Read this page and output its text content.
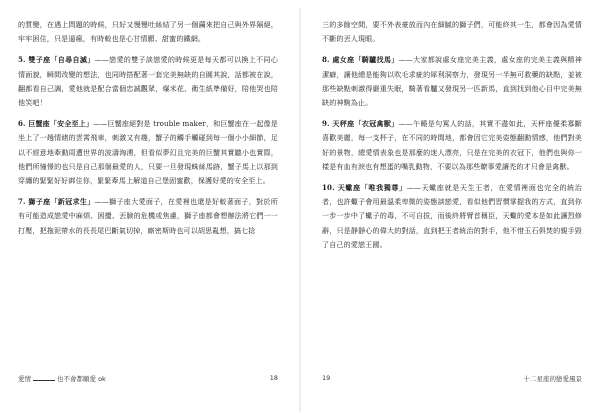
的質變，在遇上問題的時候，只好又慢慢吐絲結了另一個繭來把自己與外界隔絕，牢牢困住，只是逼瘋，有時較也是心甘情願、甜蜜的鐵網。

5. 雙子座「自尋自滅」——戀愛的雙子談戀愛的時候更是每天都可以換上不同心情面貌，瞬間改變的想法，也同時搭配著一套完美無缺的自圓其說，話都被在說，翻都看自己調，愛他就是配合當個忠誠觀眾，爆米花、衛生紙準備好，陪他哭也陪他笑吧！

6. 巨蟹座「安全至上」——巨蟹座絕對是 trouble maker，和巨蟹座在一起像是坐上了一趟情緒的雲霄飛車，刺激又有趣，蟹子的觸手觸碰到每一個小小細節，足以不經意地牽動周遭世界的波濤洶湧，但看似夢幻且完美的巨蟹其實聽小也實際，他們所憧憬的也只是自己那個最愛的人，只要一旦發現蛛絲馬跡，蟹子馬上以那到穿纏的緊緊好好綁住你，緊緊牽馬上解道自己堡固蜜歡，保護好愛的安全至上。

7. 獅子座「新冠求生」——獅子座大愛面子，在愛裡也還是好較著面子，對於所有可能造成戀愛中麻煩、困擾、丟臉的危機或焦慮，獅子座都會想辦法將它們一一打壓，把拖泥帶水的長長尾巴斷氣切掉，廝密斯時也可以胡思亂想，搞七捻

愛情	也不會都願愛 ok	18

三的多餘空間，要不外表豪放而內在細膩的獅子們，可能終其一生，都會因為愛情不斷的丟人現眼。

8. 處女座「騎驢找馬」——大家都說處女座完美主義，處女座的完美主義與精神潔癖，讓他總是能夠以吹毛求疵的犀利洞察力，發現另一半無可救藥的缺點，並被那些缺點刺激得嚴重失眠，騎著看驢又發現另一匹新馬，直到找到他心目中完美無缺的神駒為止。

9. 天秤座「衣冠禽獸」——午睡是句罵人的話，其實不盡如此，天秤座優柔寡斷喜歡美麗，每一支杯子，在不同的時間地，都會因它完美姿態翻動情感，他們對美好的景物，總愛情表象也是那麼的迷人漂亮，只是在完美的衣冠下，他們也與你一樣是有血有淚也有想蛋的嘴乳動物，不要以為那些瞭事愛讓禿的才只會是禽獸。

10. 天蠍座「唯我獨尊」——天蠍座就是天生王者，在愛情裡面也完全的統治者，也許蠍子會用最溫柔卑微的姿態談戀愛，看似他們習慣掌握我的方式，直到你一步一步中了蠍子的毒，不可自拔，而後終將臂首稱臣，天蠍的愛本是如此讓烈修辭，只是靜靜心的偉大的對話，直到把王者統治的對手，他不惜玉石俱焚的親手毀了自己的愛戀王國。

19	十二星座的戀愛風景
